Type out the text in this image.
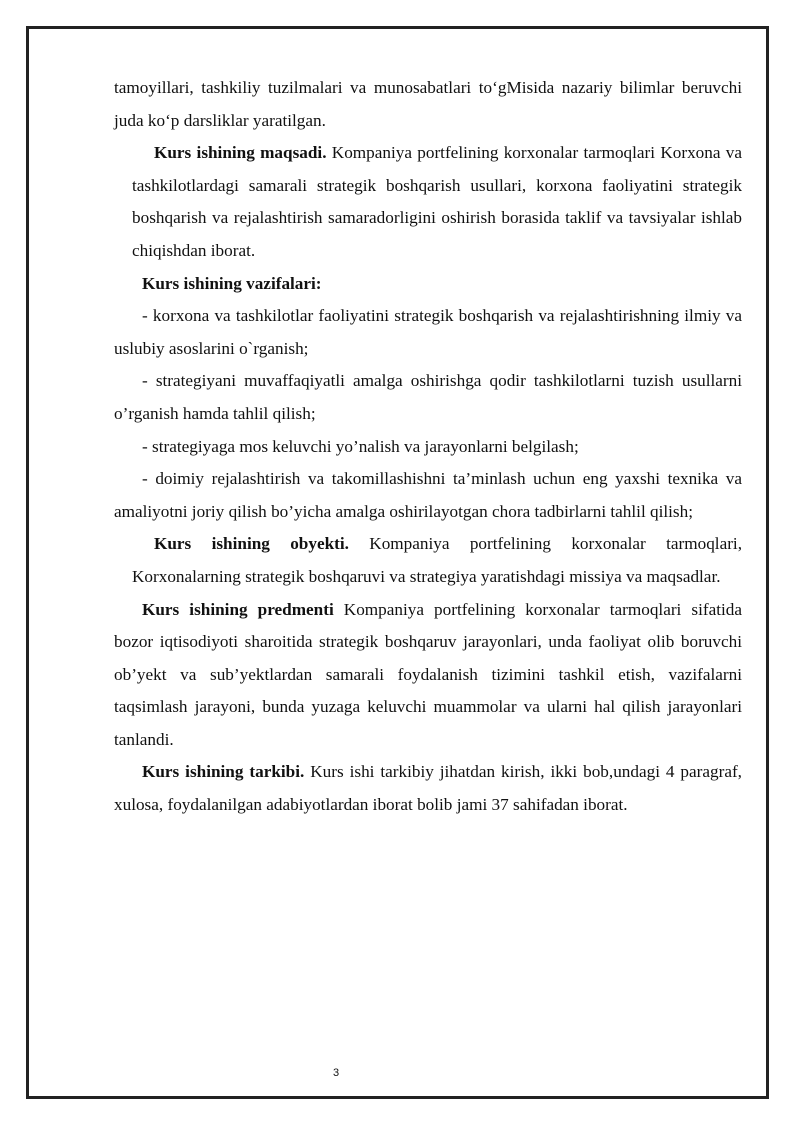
tamoyillari, tashkiliy tuzilmalari va munosabatlari to‘gMisida nazariy bilimlar beruvchi juda ko‘p darsliklar yaratilgan.

Kurs ishining maqsadi. Kompaniya portfelining korxonalar tarmoqlari Korxona va tashkilotlardagi samarali strategik boshqarish usullari, korxona faoliyatini strategik boshqarish va rejalashtirish samaradorligini oshirish borasida taklif va tavsiyalar ishlab chiqishdan iborat.

Kurs ishining vazifalari:

- korxona va tashkilotlar faoliyatini strategik boshqarish va rejalashtirishning ilmiy va uslubiy asoslarini o`rganish;

- strategiyani muvaffaqiyatli amalga oshirishga qodir tashkilotlarni tuzish usullarni o’rganish hamda tahlil qilish;

- strategiyaga mos keluvchi yo’nalish va jarayonlarni belgilash;

- doimiy rejalashtirish va takomillashishni ta’minlash uchun eng yaxshi texnika va amaliyotni joriy qilish bo’yicha amalga oshirilayotgan chora tadbirlarni tahlil qilish;

Kurs ishining obyekti. Kompaniya portfelining korxonalar tarmoqlari, Korxonalarning strategik boshqaruvi va strategiya yaratishdagi missiya va maqsadlar.

Kurs ishining predmenti Kompaniya portfelining korxonalar tarmoqlari sifatida bozor iqtisodiyoti sharoitida strategik boshqaruv jarayonlari, unda faoliyat olib boruvchi ob’yekt va sub’yektlardan samarali foydalanish tizimini tashkil etish, vazifalarni taqsimlash jarayoni, bunda yuzaga keluvchi muammolar va ularni hal qilish jarayonlari tanlandi.

Kurs ishining tarkibi. Kurs ishi tarkibiy jihatdan kirish, ikki bob,undagi 4 paragraf, xulosa, foydalanilgan adabiyotlardan iborat bolib jami 37 sahifadan iborat.

3
